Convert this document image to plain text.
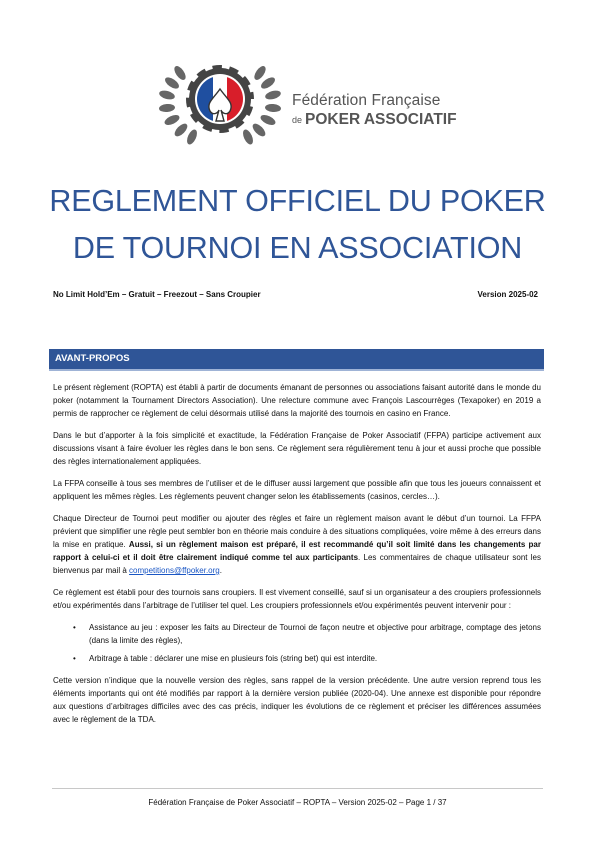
Fédération Française
de POKER ASSOCIATIF
REGLEMENT OFFICIEL DU POKER
DE TOURNOI EN ASSOCIATION
No Limit Hold’Em – Gratuit – Freezout – Sans Croupier	Version 2025-02
AVANT-PROPOS

Le présent règlement (ROPTA) est établi à partir de documents émanant de personnes ou associations faisant autorité dans le monde du poker (notamment la Tournament Directors Association). Une relecture commune avec François Lascourrèges (Texapoker) en 2019 a permis de rapprocher ce règlement de celui désormais utilisé dans la majorité des tournois en casino en France.

Dans le but d’apporter à la fois simplicité et exactitude, la Fédération Française de Poker Associatif (FFPA) participe activement aux discussions visant à faire évoluer les règles dans le bon sens. Ce règlement sera régulièrement tenu à jour et aussi proche que possible des règles internationalement appliquées.

La FFPA conseille à tous ses membres de l’utiliser et de le diffuser aussi largement que possible afin que tous les joueurs connaissent et appliquent les mêmes règles. Les règlements peuvent changer selon les établissements (casinos, cercles…).

Chaque Directeur de Tournoi peut modifier ou ajouter des règles et faire un règlement maison avant le début d’un tournoi. La FFPA prévient que simplifier une règle peut sembler bon en théorie mais conduire à des situations compliquées, voire même à des erreurs dans la mise en pratique. Aussi, si un règlement maison est préparé, il est recommandé qu’il soit limité dans les changements par rapport à celui-ci et il doit être clairement indiqué comme tel aux participants. Les commentaires de chaque utilisateur sont les bienvenus par mail à competitions@ffpoker.org.

Ce règlement est établi pour des tournois sans croupiers. Il est vivement conseillé, sauf si un organisateur a des croupiers professionnels et/ou expérimentés dans l’arbitrage de l’utiliser tel quel. Les croupiers professionnels et/ou expérimentés peuvent intervenir pour :

• Assistance au jeu : exposer les faits au Directeur de Tournoi de façon neutre et objective pour arbitrage, comptage des jetons (dans la limite des règles),
• Arbitrage à table : déclarer une mise en plusieurs fois (string bet) qui est interdite.

Cette version n’indique que la nouvelle version des règles, sans rappel de la version précédente. Une autre version reprend tous les éléments importants qui ont été modifiés par rapport à la dernière version publiée (2020-04). Une annexe est disponible pour répondre aux questions d’arbitrages difficiles avec des cas précis, indiquer les évolutions de ce règlement et préciser les différences assumées avec le règlement de la TDA.

Fédération Française de Poker Associatif – ROPTA – Version 2025-02 – Page 1 / 37
